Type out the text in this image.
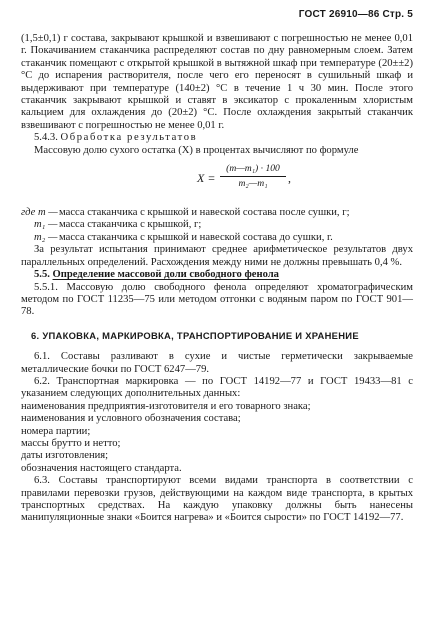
ГОСТ 26910—86 Стр. 5

(1,5±0,1) г состава, закрывают крышкой и взвешивают с погрешностью не менее 0,01 г. Покачиванием стаканчика распределяют состав по дну равномерным слоем. Затем стаканчик помещают с открытой крышкой в вытяжной шкаф при температуре (20±±2) °С до испарения растворителя, после чего его переносят в сушильный шкаф и выдерживают при температуре (140±2) °С в течение 1 ч 30 мин. После этого стаканчик закрывают крышкой и ставят в эксикатор с прокаленным хлористым кальцием для охлаждения до (20±2) °С. После охлаждения закрытый стаканчик взвешивают с погрешностью не менее 0,01 г.

5.4.3. Обработка результатов

Массовую долю сухого остатка (X) в процентах вычисляют по формуле

$X = \frac{\text{(m—m₁) · 100}}{\text{m₂—m₁}}$ ,
где m — масса стаканчика с крышкой и навеской состава после сушки, г;
m₁ — масса стаканчика с крышкой, г;
m₂ — масса стаканчика с крышкой и навеской состава до сушки, г.

За результат испытания принимают среднее арифметическое результатов двух параллельных определений. Расхождения между ними не должны превышать 0,4 %.

5.5. Определение массовой доли свободного фенола

5.5.1. Массовую долю свободного фенола определяют хроматографическим методом по ГОСТ 11235—75 или методом отгонки с водяным паром по ГОСТ 901—78.

6. УПАКОВКА, МАРКИРОВКА, ТРАНСПОРТИРОВАНИЕ И ХРАНЕНИЕ

6.1. Составы разливают в сухие и чистые герметически закрываемые металлические бочки по ГОСТ 6247—79.

6.2. Транспортная маркировка — по ГОСТ 14192—77 и ГОСТ 19433—81 с указанием следующих дополнительных данных:

наименования предприятия-изготовителя и его товарного знака;

наименования и условного обозначения состава;

номера партии;

массы брутто и нетто;

даты изготовления;

обозначения настоящего стандарта.

6.3. Составы транспортируют всеми видами транспорта в соответствии с правилами перевозки грузов, действующими на каждом виде транспорта, в крытых транспортных средствах. На каждую упаковку должны быть нанесены манипуляционные знаки «Боится нагрева» и «Боится сырости» по ГОСТ 14192—77.
